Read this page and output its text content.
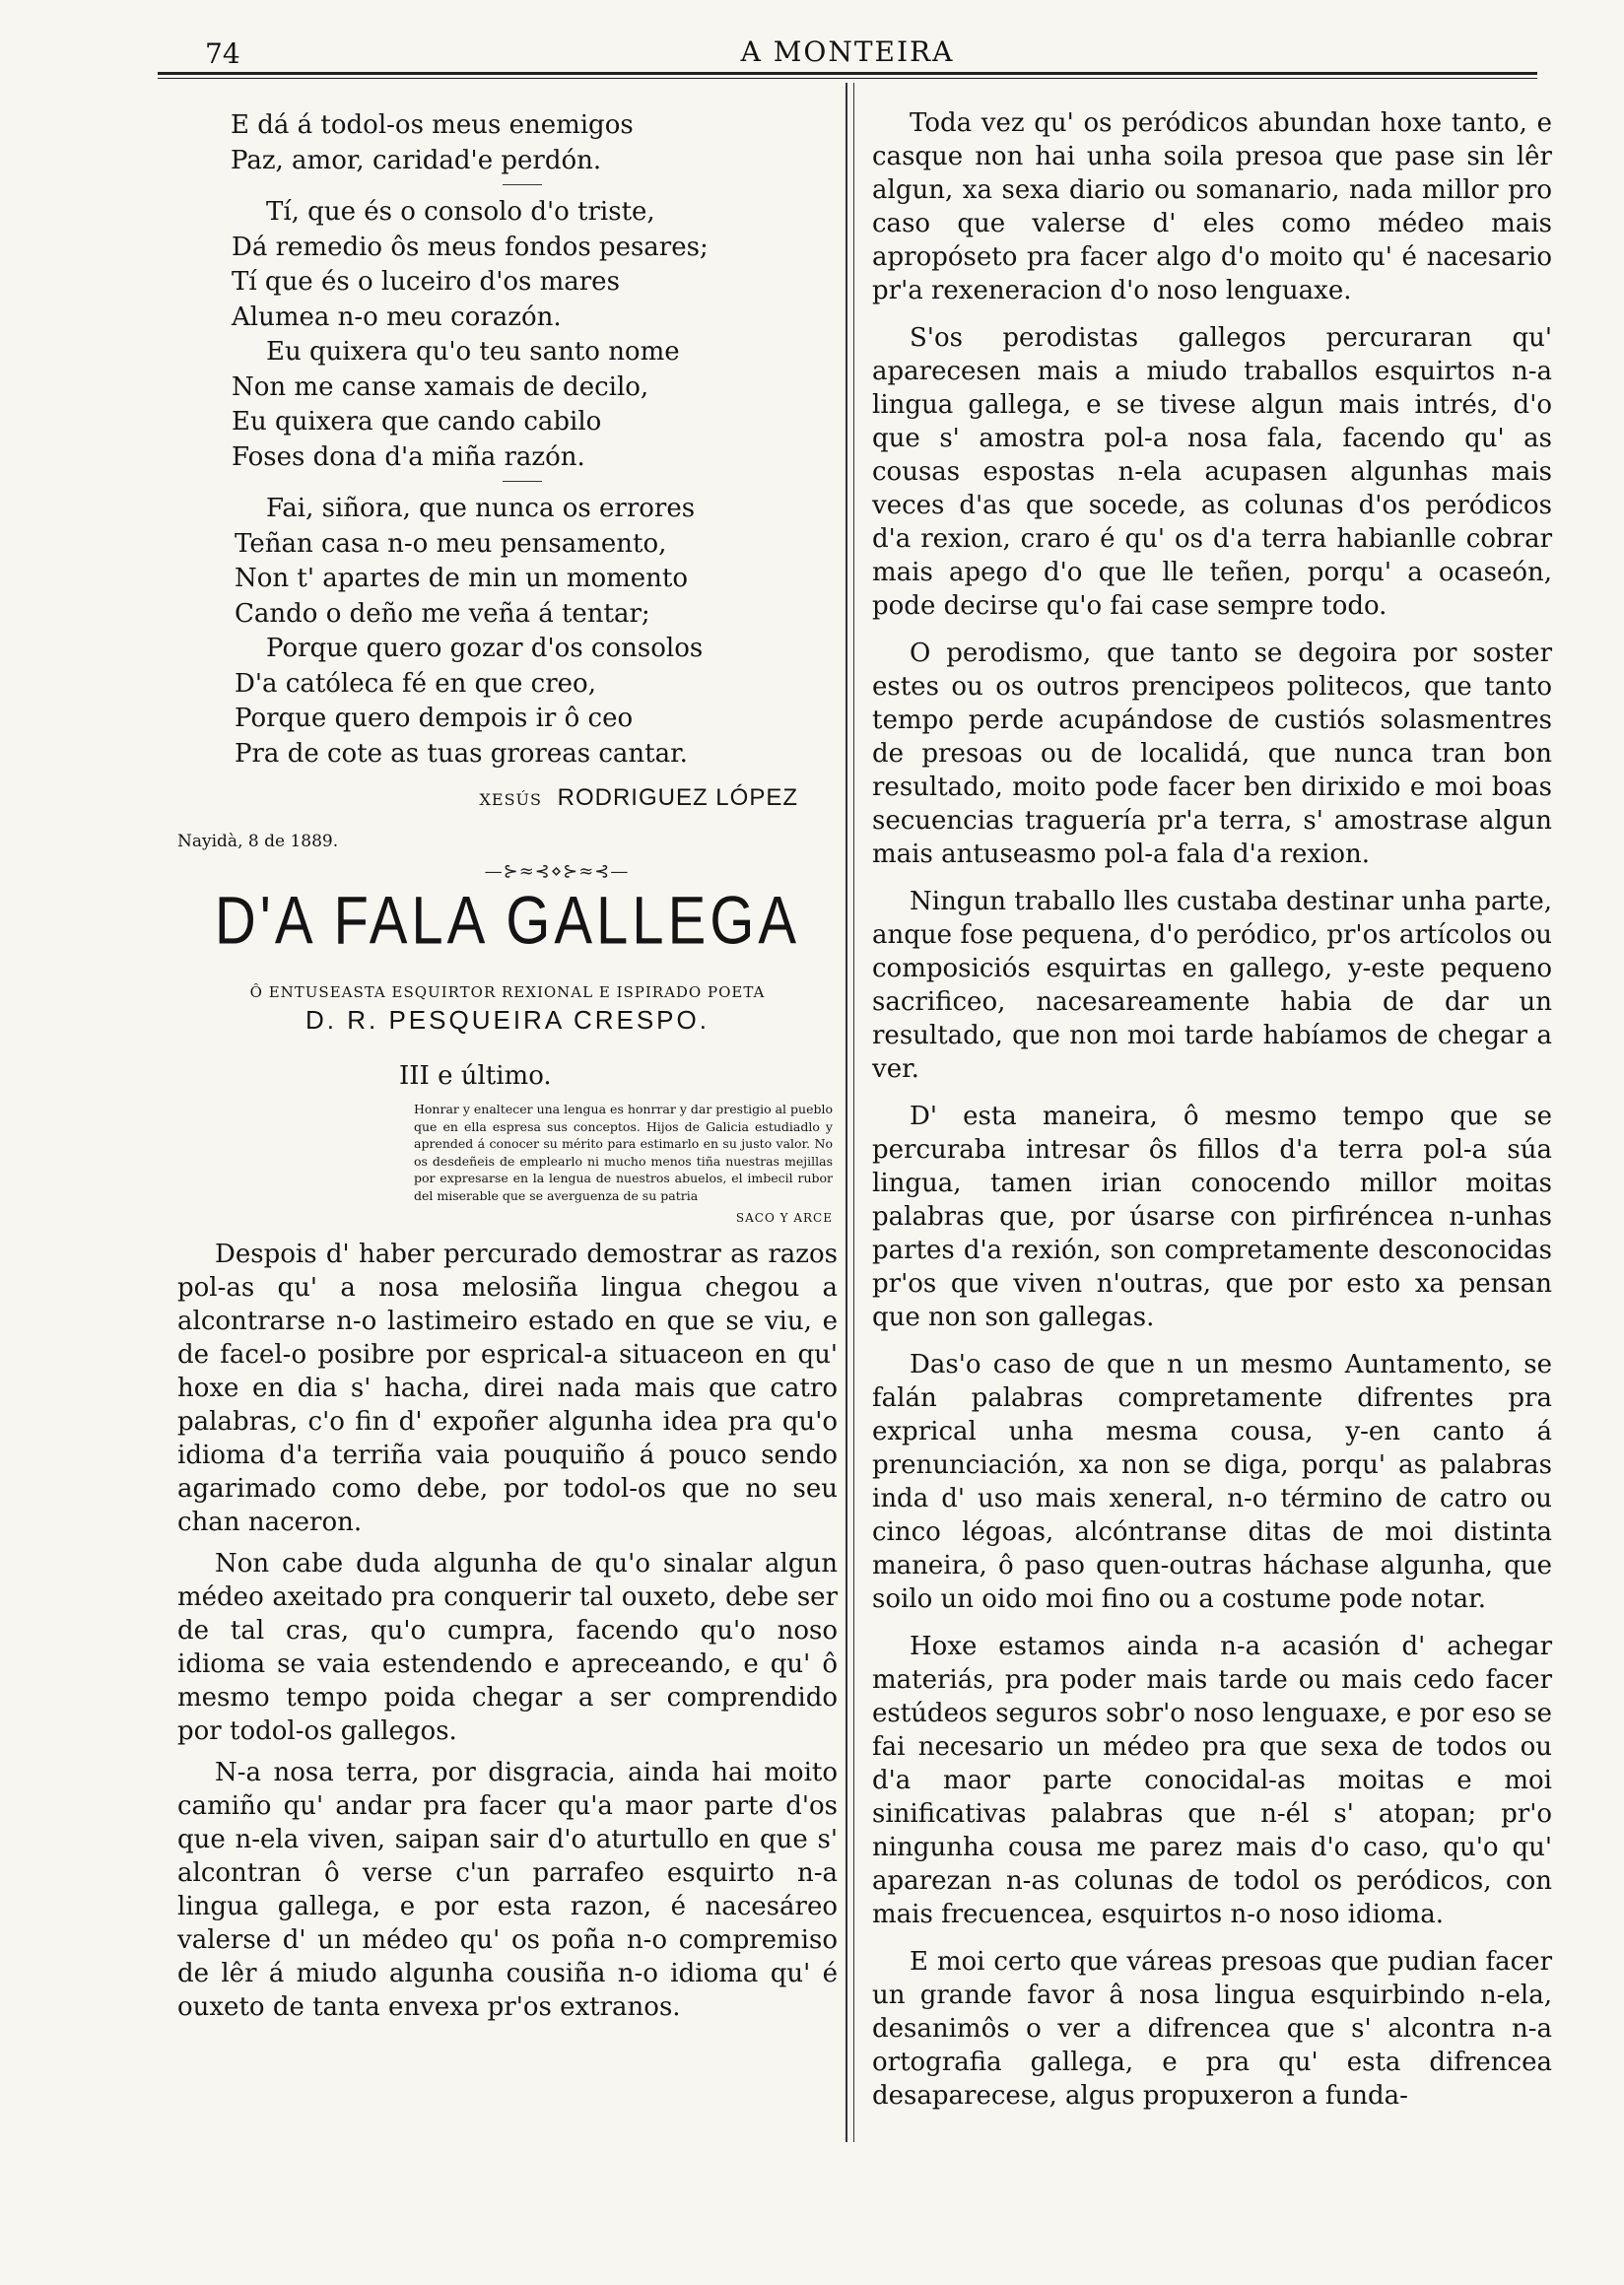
74	A MONTEIRA
E dá á todol-os meus enemigos
Paz, amor, caridad'e perdón.
Tí, que és o consolo d'o triste,
Dá remedio ôs meus fondos pesares;
Tí que és o luceiro d'os mares
Alumea n-o meu corazón.
Eu quixera qu'o teu santo nome
Non me canse xamais de decilo,
Eu quixera que cando cabilo
Foses dona d'a miña razón.
Fai, siñora, que nunca os errores
Teñan casa n-o meu pensamento,
Non t' apartes de min un momento
Cando o deño me veña á tentar;
Porque quero gozar d'os consolos
D'a católeca fé en que creo,
Porque quero dempois ir ô ceo
Pra de cote as tuas groreas cantar.
XESÚS RODRIGUEZ LÓPEZ
Nayidà, 8 de 1889.
—⊱≈⊰⋄⊱≈⊰—
D'A FALA GALLEGA
Ô ENTUSEASTA ESQUIRTOR REXIONAL E ISPIRADO POETA
D. R. PESQUEIRA CRESPO.
III e último.
Honrar y enaltecer una lengua es honrrar y dar prestigio al pueblo que en ella espresa sus conceptos. Hijos de Galicia estudiadlo y aprended á conocer su mérito para estimarlo en su justo valor. No os desdeñeis de emplearlo ni mucho menos tiña nuestras mejillas por expresarse en la lengua de nuestros abuelos, el imbecil rubor del miserable que se averguenza de su patria
SACO Y ARCE

Despois d' haber percurado demostrar as razos pol-as qu' a nosa melosiña lingua chegou a alcontrarse n-o lastimeiro estado en que se viu, e de facel-o posibre por esprical-a situaceon en qu' hoxe en dia s' hacha, direi nada mais que catro palabras, c'o fin d' expoñer algunha idea pra qu'o idioma d'a terriña vaia pouquiño á pouco sendo agarimado como debe, por todol-os que no seu chan naceron.

Non cabe duda algunha de qu'o sinalar algun médeo axeitado pra conquerir tal ouxeto, debe ser de tal cras, qu'o cumpra, facendo qu'o noso idioma se vaia estendendo e apreceando, e qu' ô mesmo tempo poida chegar a ser comprendido por todol-os gallegos.

N-a nosa terra, por disgracia, ainda hai moito camiño qu' andar pra facer qu'a maor parte d'os que n-ela viven, saipan sair d'o aturtullo en que s' alcontran ô verse c'un parrafeo esquirto n-a lingua gallega, e por esta razon, é nacesáreo valerse d' un médeo qu' os poña n-o compremiso de lêr á miudo algunha cousiña n-o idioma qu' é ouxeto de tanta envexa pr'os extranos.

Toda vez qu' os peródicos abundan hoxe tanto, e casque non hai unha soila presoa que pase sin lêr algun, xa sexa diario ou somanario, nada millor pro caso que valerse d' eles como médeo mais apropóseto pra facer algo d'o moito qu' é nacesario pr'a rexeneracion d'o noso lenguaxe.

S'os perodistas gallegos percuraran qu' aparecesen mais a miudo traballos esquirtos n-a lingua gallega, e se tivese algun mais intrés, d'o que s' amostra pol-a nosa fala, facendo qu' as cousas espostas n-ela acupasen algunhas mais veces d'as que socede, as colunas d'os peródicos d'a rexion, craro é qu' os d'a terra habianlle cobrar mais apego d'o que lle teñen, porqu' a ocaseón, pode decirse qu'o fai case sempre todo.

O perodismo, que tanto se degoira por soster estes ou os outros prencipeos politecos, que tanto tempo perde acupándose de custiós solasmentres de presoas ou de localidá, que nunca tran bon resultado, moito pode facer ben dirixido e moi boas secuencias traguería pr'a terra, s' amostrase algun mais antuseasmo pol-a fala d'a rexion.

Ningun traballo lles custaba destinar unha parte, anque fose pequena, d'o peródico, pr'os artícolos ou composiciós esquirtas en gallego, y-este pequeno sacrificeo, nacesareamente habia de dar un resultado, que non moi tarde habíamos de chegar a ver.

D' esta maneira, ô mesmo tempo que se percuraba intresar ôs fillos d'a terra pol-a súa lingua, tamen irian conocendo millor moitas palabras que, por úsarse con pirfiréncea n-unhas partes d'a rexión, son compretamente desconocidas pr'os que viven n'outras, que por esto xa pensan que non son gallegas.

Das'o caso de que n un mesmo Auntamento, se falán palabras compretamente difrentes pra exprical unha mesma cousa, y-en canto á prenunciación, xa non se diga, porqu' as palabras inda d' uso mais xeneral, n-o término de catro ou cinco légoas, alcóntranse ditas de moi distinta maneira, ô paso quen-outras háchase algunha, que soilo un oido moi fino ou a costume pode notar.

Hoxe estamos ainda n-a acasión d' achegar materiás, pra poder mais tarde ou mais cedo facer estúdeos seguros sobr'o noso lenguaxe, e por eso se fai necesario un médeo pra que sexa de todos ou d'a maor parte conocidal-as moitas e moi sinificativas palabras que n-él s' atopan; pr'o ningunha cousa me parez mais d'o caso, qu'o qu' aparezan n-as colunas de todol os peródicos, con mais frecuencea, esquirtos n-o noso idioma.

E moi certo que váreas presoas que pudian facer un grande favor â nosa lingua esquirbindo n-ela, desanimôs o ver a difrencea que s' alcontra n-a ortografia gallega, e pra qu' esta difrencea desaparecese, algus propuxeron a funda-
